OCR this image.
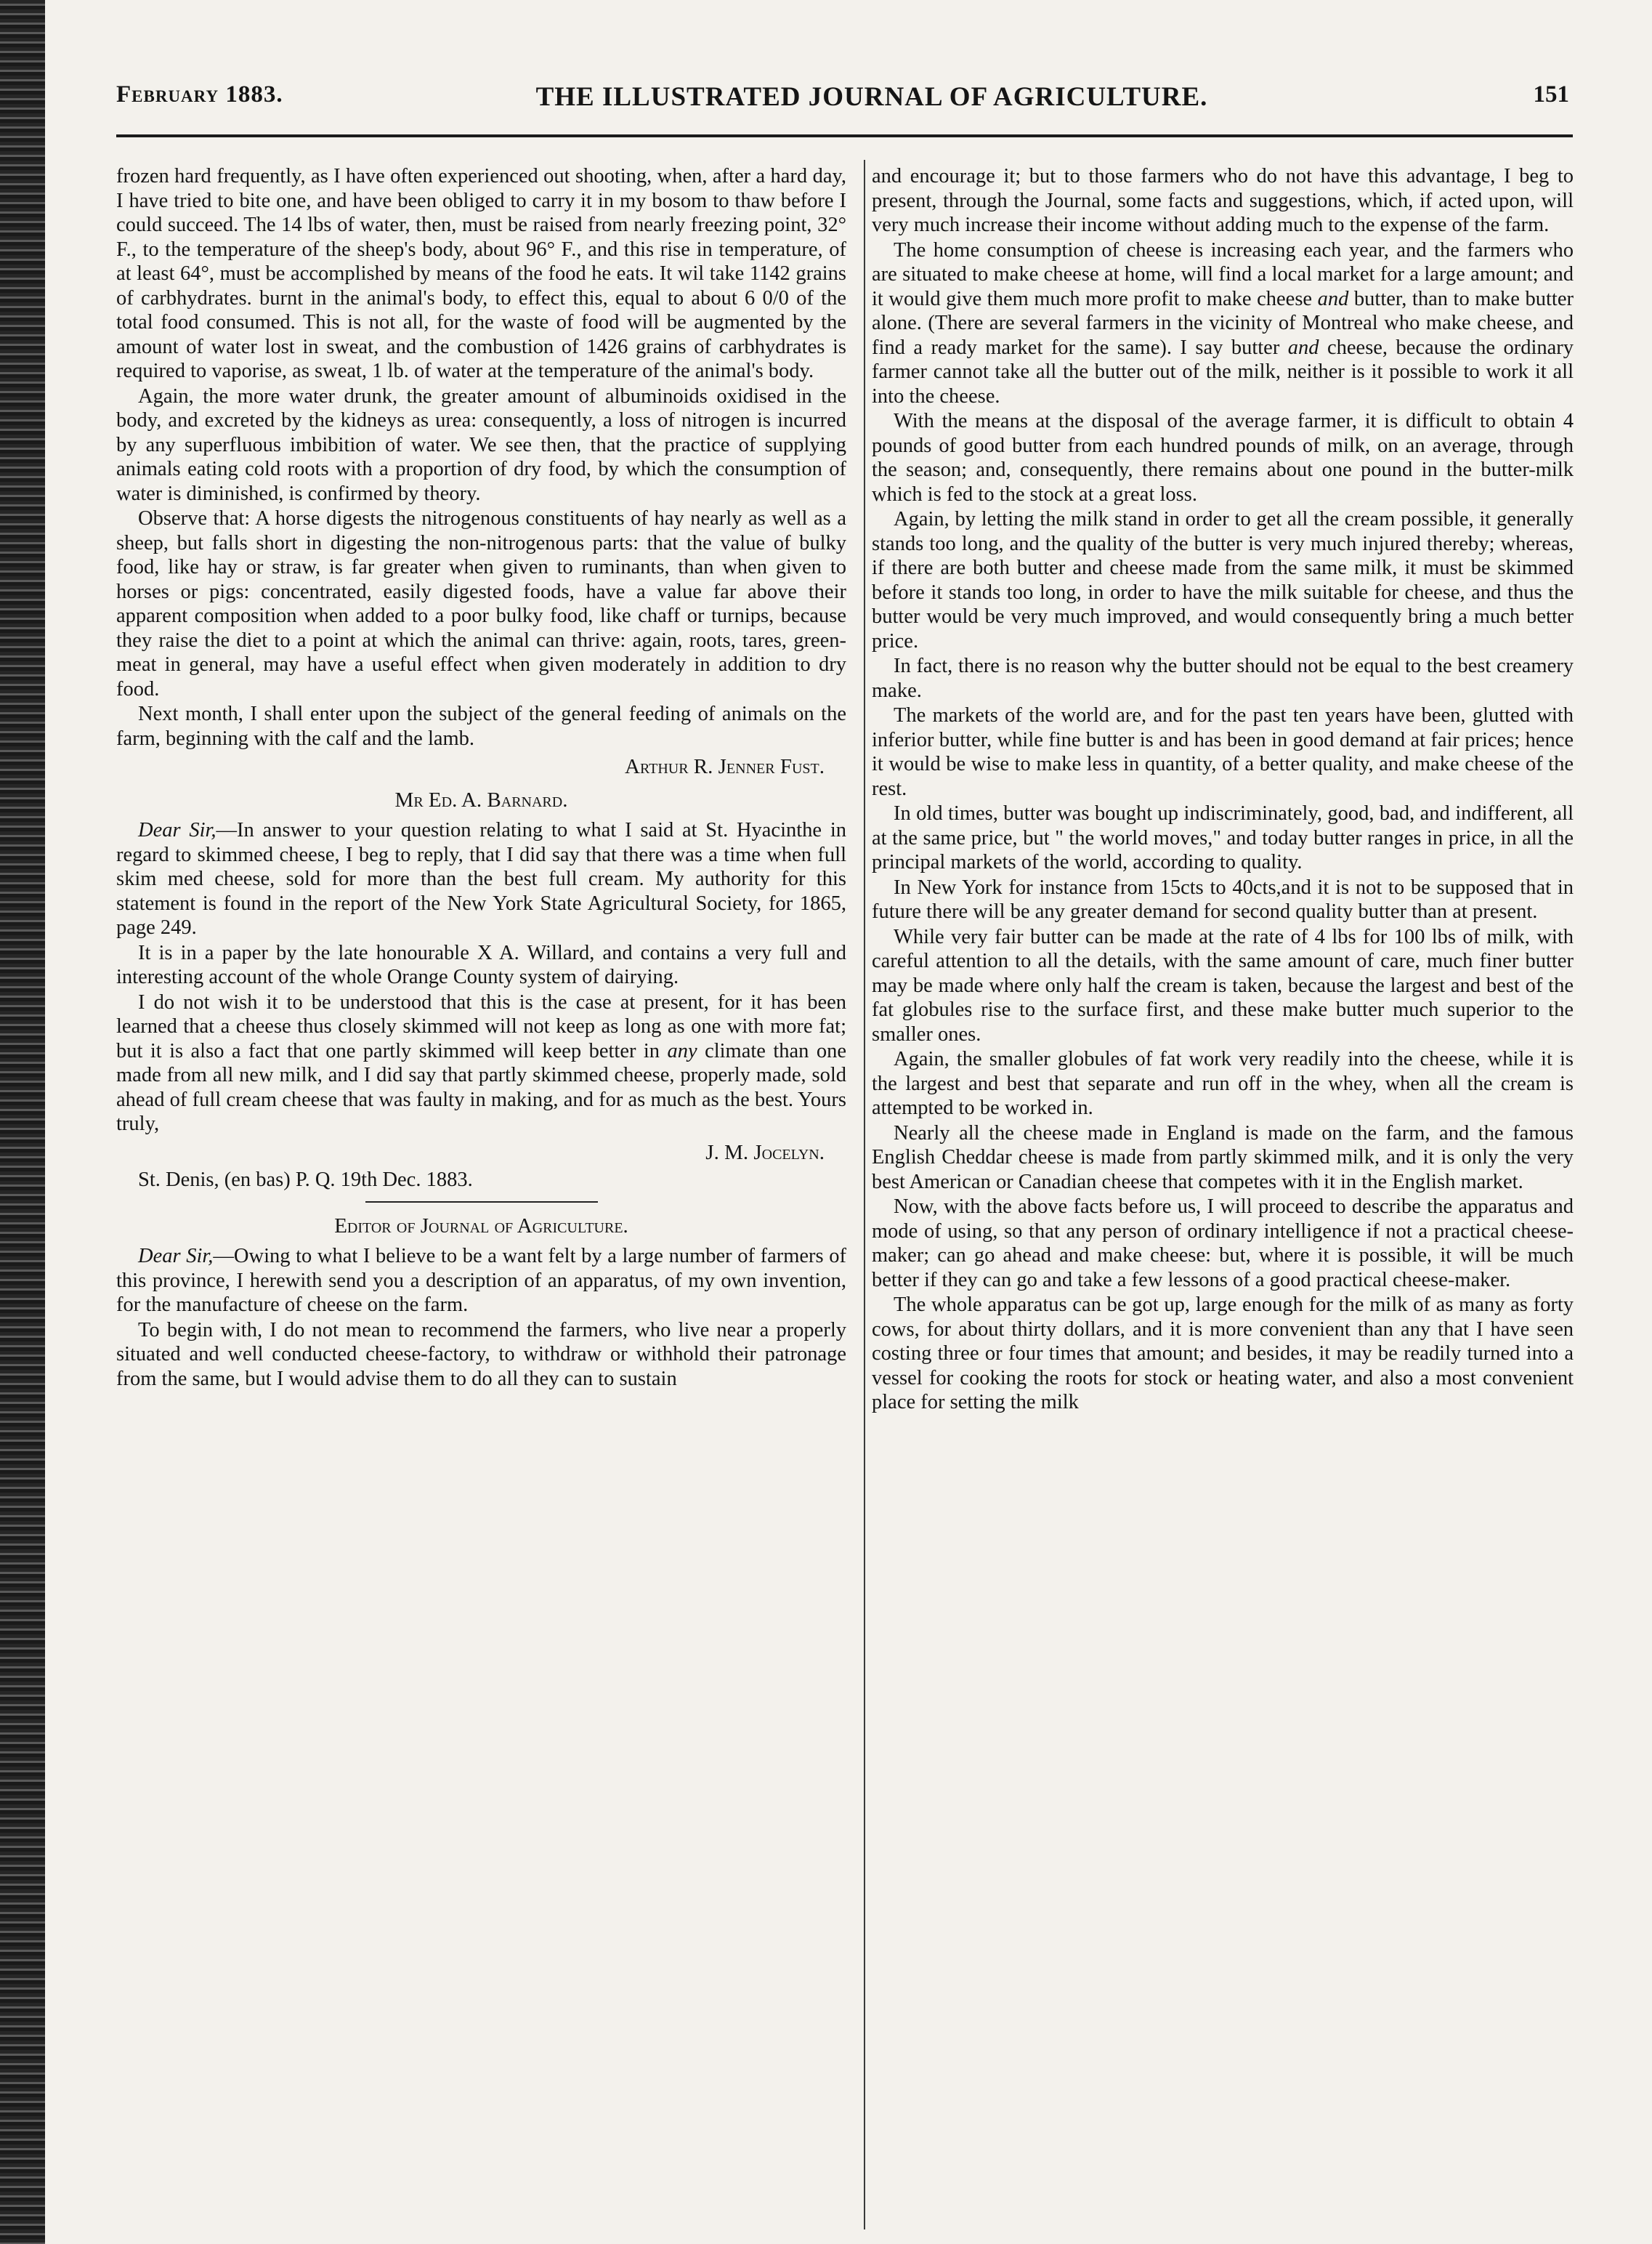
February 1883.	THE ILLUSTRATED JOURNAL OF AGRICULTURE.	151

frozen hard frequently, as I have often experienced out shooting, when, after a hard day, I have tried to bite one, and have been obliged to carry it in my bosom to thaw before I could succeed. The 14 lbs of water, then, must be raised from nearly freezing point, 32° F., to the temperature of the sheep's body, about 96° F., and this rise in temperature, of at least 64°, must be accomplished by means of the food he eats. It wil take 1142 grains of carbhydrates. burnt in the animal's body, to effect this, equal to about 6 0/0 of the total food consumed. This is not all, for the waste of food will be augmented by the amount of water lost in sweat, and the combustion of 1426 grains of carbhydrates is required to vaporise, as sweat, 1 lb. of water at the temperature of the animal's body.

Again, the more water drunk, the greater amount of albuminoids oxidised in the body, and excreted by the kidneys as urea: consequently, a loss of nitrogen is incurred by any superfluous imbibition of water. We see then, that the practice of supplying animals eating cold roots with a proportion of dry food, by which the consumption of water is diminished, is confirmed by theory.

Observe that: A horse digests the nitrogenous constituents of hay nearly as well as a sheep, but falls short in digesting the non-nitrogenous parts: that the value of bulky food, like hay or straw, is far greater when given to ruminants, than when given to horses or pigs: concentrated, easily digested foods, have a value far above their apparent composition when added to a poor bulky food, like chaff or turnips, because they raise the diet to a point at which the animal can thrive: again, roots, tares, green-meat in general, may have a useful effect when given moderately in addition to dry food.

Next month, I shall enter upon the subject of the general feeding of animals on the farm, beginning with the calf and the lamb.

Arthur R. Jenner Fust.
Mr Ed. A. Barnard.

Dear Sir,—In answer to your question relating to what I said at St. Hyacinthe in regard to skimmed cheese, I beg to reply, that I did say that there was a time when full skim med cheese, sold for more than the best full cream. My authority for this statement is found in the report of the New York State Agricultural Society, for 1865, page 249.

It is in a paper by the late honourable X A. Willard, and contains a very full and interesting account of the whole Orange County system of dairying.

I do not wish it to be understood that this is the case at present, for it has been learned that a cheese thus closely skimmed will not keep as long as one with more fat; but it is also a fact that one partly skimmed will keep better in any climate than one made from all new milk, and I did say that partly skimmed cheese, properly made, sold ahead of full cream cheese that was faulty in making, and for as much as the best. Yours truly,

J. M. Jocelyn.
St. Denis, (en bas) P. Q. 19th Dec. 1883.
Editor of Journal of Agriculture.

Dear Sir,—Owing to what I believe to be a want felt by a large number of farmers of this province, I herewith send you a description of an apparatus, of my own invention, for the manufacture of cheese on the farm.

To begin with, I do not mean to recommend the farmers, who live near a properly situated and well conducted cheese-factory, to withdraw or withhold their patronage from the same, but I would advise them to do all they can to sustain

and encourage it; but to those farmers who do not have this advantage, I beg to present, through the Journal, some facts and suggestions, which, if acted upon, will very much increase their income without adding much to the expense of the farm.

The home consumption of cheese is increasing each year, and the farmers who are situated to make cheese at home, will find a local market for a large amount; and it would give them much more profit to make cheese and butter, than to make butter alone. (There are several farmers in the vicinity of Montreal who make cheese, and find a ready market for the same). I say butter and cheese, because the ordinary farmer cannot take all the butter out of the milk, neither is it possible to work it all into the cheese.

With the means at the disposal of the average farmer, it is difficult to obtain 4 pounds of good butter from each hundred pounds of milk, on an average, through the season; and, consequently, there remains about one pound in the butter-milk which is fed to the stock at a great loss.

Again, by letting the milk stand in order to get all the cream possible, it generally stands too long, and the quality of the butter is very much injured thereby; whereas, if there are both butter and cheese made from the same milk, it must be skimmed before it stands too long, in order to have the milk suitable for cheese, and thus the butter would be very much improved, and would consequently bring a much better price.

In fact, there is no reason why the butter should not be equal to the best creamery make.

The markets of the world are, and for the past ten years have been, glutted with inferior butter, while fine butter is and has been in good demand at fair prices; hence it would be wise to make less in quantity, of a better quality, and make cheese of the rest.

In old times, butter was bought up indiscriminately, good, bad, and indifferent, all at the same price, but " the world moves," and today butter ranges in price, in all the principal markets of the world, according to quality.

In New York for instance from 15cts to 40cts,and it is not to be supposed that in future there will be any greater demand for second quality butter than at present.

While very fair butter can be made at the rate of 4 lbs for 100 lbs of milk, with careful attention to all the details, with the same amount of care, much finer butter may be made where only half the cream is taken, because the largest and best of the fat globules rise to the surface first, and these make butter much superior to the smaller ones.

Again, the smaller globules of fat work very readily into the cheese, while it is the largest and best that separate and run off in the whey, when all the cream is attempted to be worked in.

Nearly all the cheese made in England is made on the farm, and the famous English Cheddar cheese is made from partly skimmed milk, and it is only the very best American or Canadian cheese that competes with it in the English market.

Now, with the above facts before us, I will proceed to describe the apparatus and mode of using, so that any person of ordinary intelligence if not a practical cheese-maker; can go ahead and make cheese: but, where it is possible, it will be much better if they can go and take a few lessons of a good practical cheese-maker.

The whole apparatus can be got up, large enough for the milk of as many as forty cows, for about thirty dollars, and it is more convenient than any that I have seen costing three or four times that amount; and besides, it may be readily turned into a vessel for cooking the roots for stock or heating water, and also a most convenient place for setting the milk
